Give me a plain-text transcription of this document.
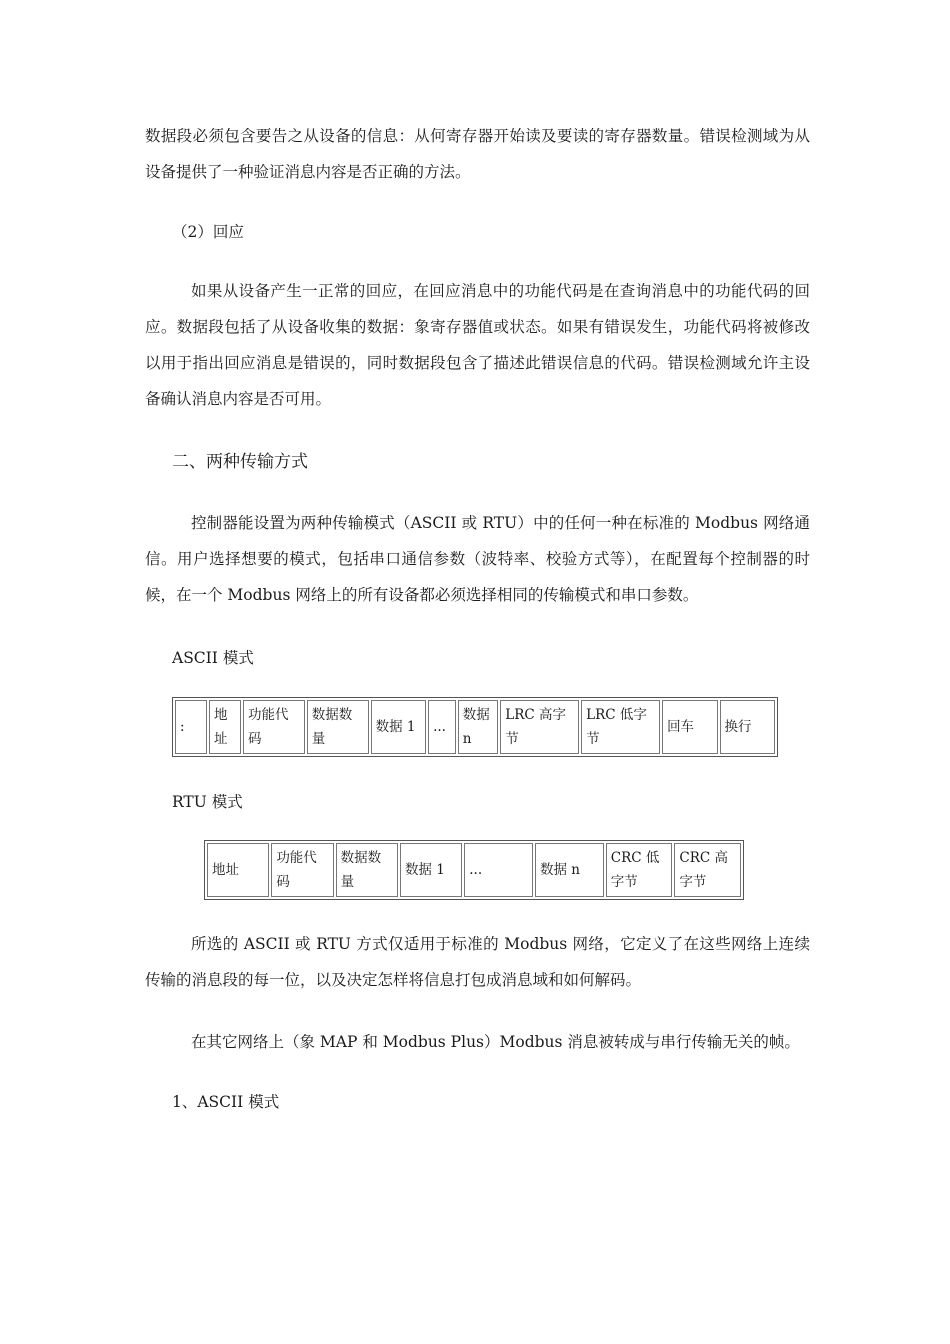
数据段必须包含要告之从设备的信息：从何寄存器开始读及要读的寄存器数量。错误检测域为从设备提供了一种验证消息内容是否正确的方法。

（2）回应

如果从设备产生一正常的回应，在回应消息中的功能代码是在查询消息中的功能代码的回应。数据段包括了从设备收集的数据：象寄存器值或状态。如果有错误发生，功能代码将被修改以用于指出回应消息是错误的，同时数据段包含了描述此错误信息的代码。错误检测域允许主设备确认消息内容是否可用。

二、两种传输方式

控制器能设置为两种传输模式（ASCII 或 RTU）中的任何一种在标准的 Modbus 网络通信。用户选择想要的模式，包括串口通信参数（波特率、校验方式等），在配置每个控制器的时候，在一个 Modbus 网络上的所有设备都必须选择相同的传输模式和串口参数。

ASCII 模式

:	地址	功能代码	数据数量	数据 1	...	数据 n	LRC 高字节	LRC 低字节	回车	换行

RTU 模式

地址	功能代码	数据数量	数据 1	...	数据 n	CRC 低字节	CRC 高字节

所选的 ASCII 或 RTU 方式仅适用于标准的 Modbus 网络，它定义了在这些网络上连续传输的消息段的每一位，以及决定怎样将信息打包成消息域和如何解码。

在其它网络上（象 MAP 和 Modbus Plus）Modbus 消息被转成与串行传输无关的帧。

1、ASCII 模式
